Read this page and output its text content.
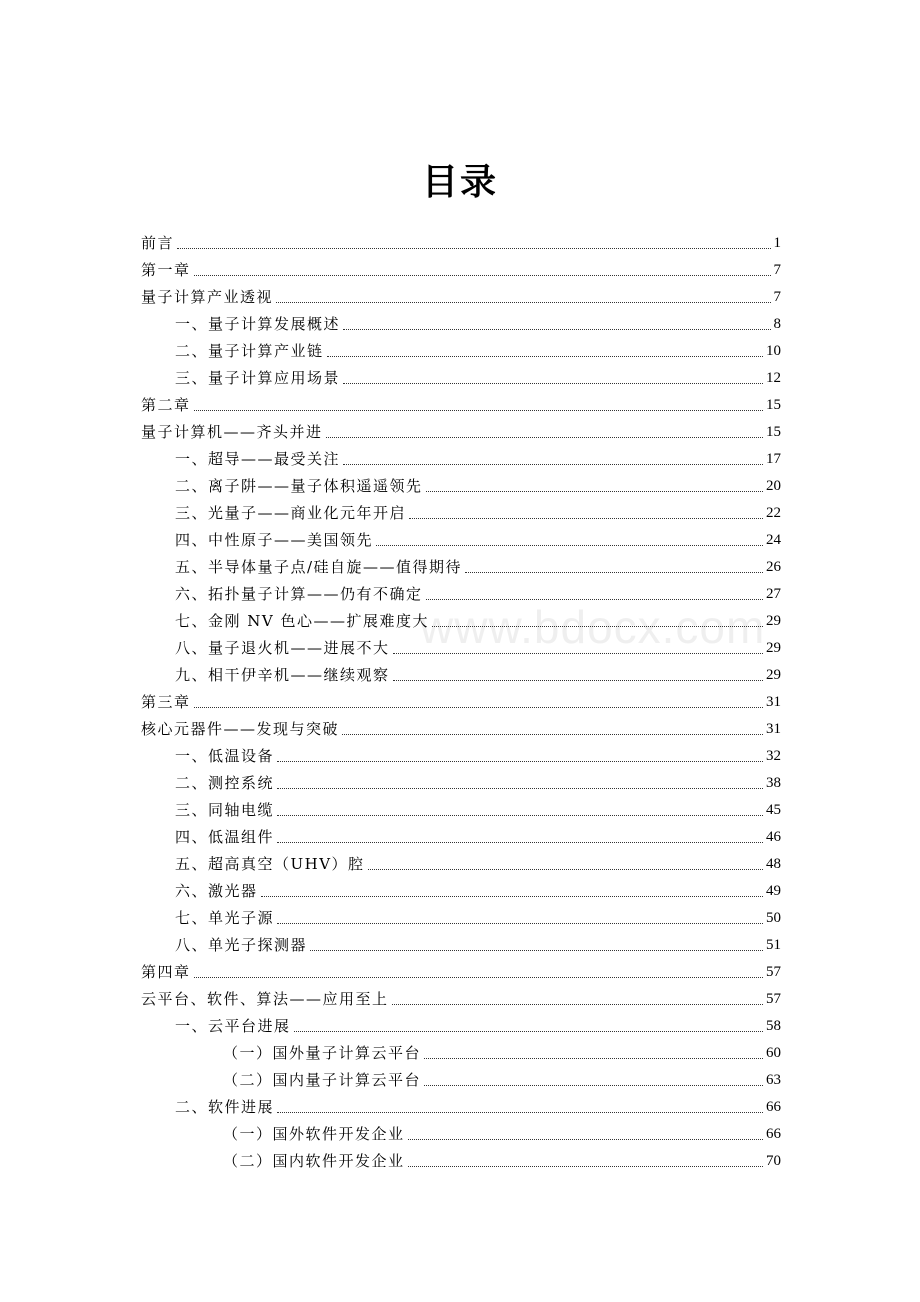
目录
www.bdocx.com
前言	1
第一章	7
量子计算产业透视	7
一、量子计算发展概述	8
二、量子计算产业链	10
三、量子计算应用场景	12
第二章	15
量子计算机——齐头并进	15
一、超导——最受关注	17
二、离子阱——量子体积遥遥领先	20
三、光量子——商业化元年开启	22
四、中性原子——美国领先	24
五、半导体量子点/硅自旋——值得期待	26
六、拓扑量子计算——仍有不确定	27
七、金刚 NV 色心——扩展难度大	29
八、量子退火机——进展不大	29
九、相干伊辛机——继续观察	29
第三章	31
核心元器件——发现与突破	31
一、低温设备	32
二、测控系统	38
三、同轴电缆	45
四、低温组件	46
五、超高真空（UHV）腔	48
六、激光器	49
七、单光子源	50
八、单光子探测器	51
第四章	57
云平台、软件、算法——应用至上	57
一、云平台进展	58
（一）国外量子计算云平台	60
（二）国内量子计算云平台	63
二、软件进展	66
（一）国外软件开发企业	66
（二）国内软件开发企业	70
